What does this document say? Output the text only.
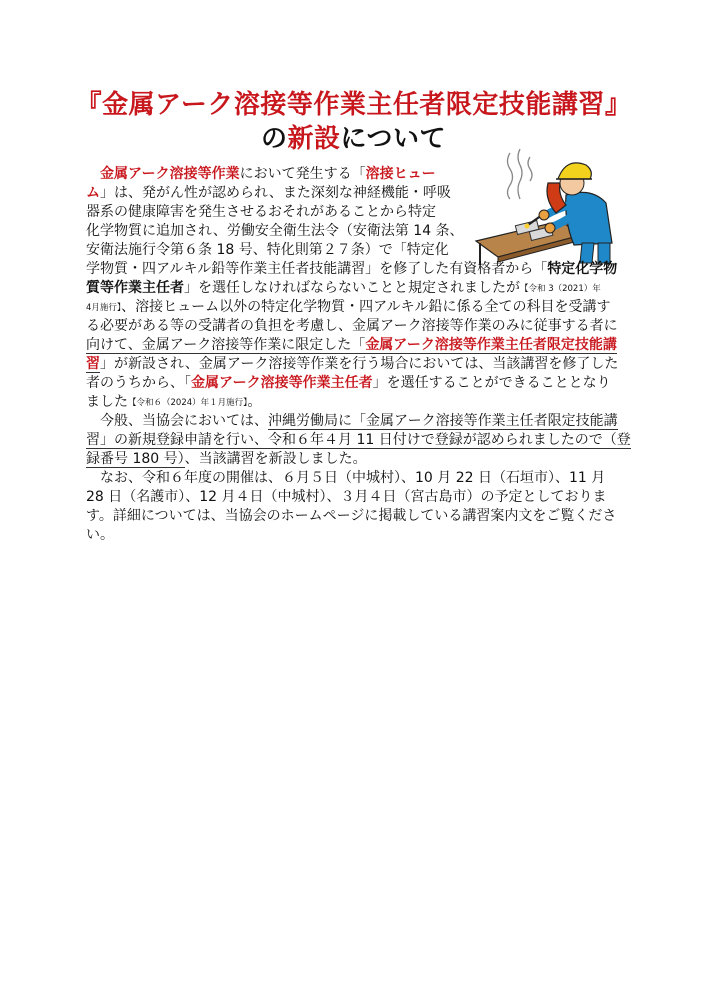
『金属アーク溶接等作業主任者限定技能講習』
の新設について
　金属アーク溶接等作業において発生する「溶接ヒュー
ム」は、発がん性が認められ、また深刻な神経機能・呼吸
器系の健康障害を発生させるおそれがあることから特定
化学物質に追加され、労働安全衛生法令（安衛法第 14 条、
安衛法施行令第６条 18 号、特化則第２７条）で「特定化
学物質・四アルキル鉛等作業主任者技能講習」を修了した有資格者から「特定化学物
質等作業主任者」を選任しなければならないことと規定されましたが【令和 3（2021）年
4月施行】、溶接ヒューム以外の特定化学物質・四アルキル鉛に係る全ての科目を受講す
る必要がある等の受講者の負担を考慮し、金属アーク溶接等作業のみに従事する者に
向けて、金属アーク溶接等作業に限定した「金属アーク溶接等作業主任者限定技能講
習」が新設され、金属アーク溶接等作業を行う場合においては、当該講習を修了した
者のうちから、「金属アーク溶接等作業主任者」を選任することができることとなり
ました【令和６（2024）年１月施行】。
　今般、当協会においては、沖縄労働局に「金属アーク溶接等作業主任者限定技能講
習」の新規登録申請を行い、令和６年４月 11 日付けで登録が認められましたので（登
録番号 180 号）、当該講習を新設しました。
　なお、令和６年度の開催は、６月５日（中城村）、10 月 22 日（石垣市）、11 月
28 日（名護市）、12 月４日（中城村）、３月４日（宮古島市）の予定としておりま
す。詳細については、当協会のホームページに掲載している講習案内文をご覧くださ
い。
